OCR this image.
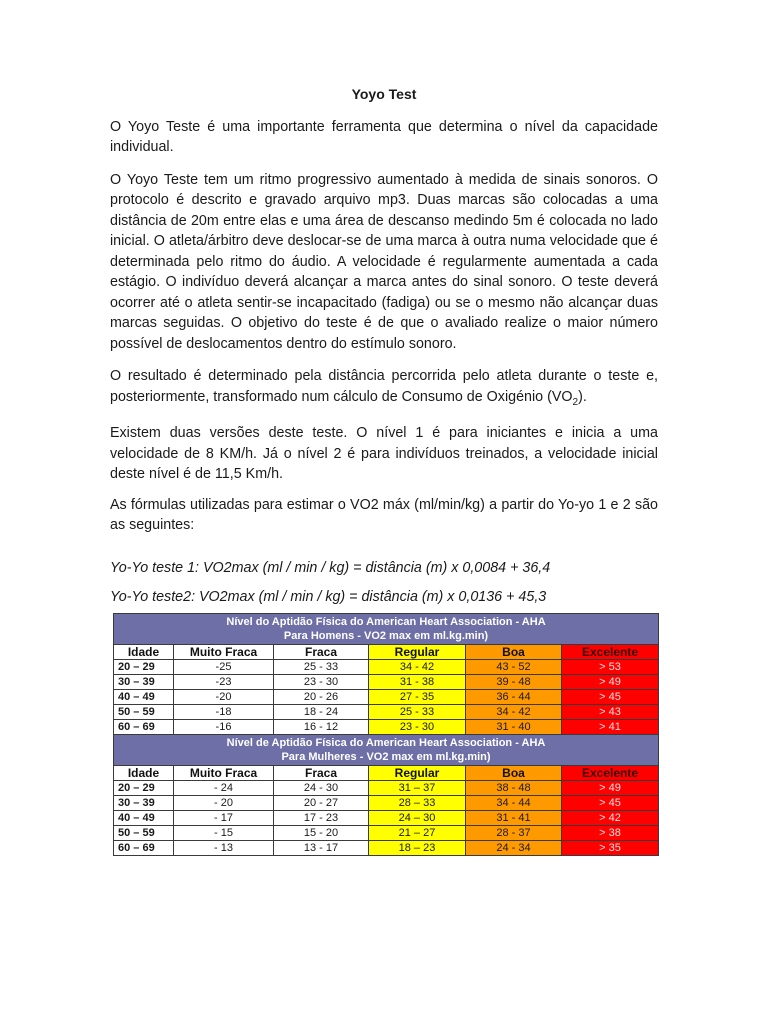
Yoyo Test

O Yoyo Teste é uma importante ferramenta que determina o nível da capacidade individual.

O Yoyo Teste tem um ritmo progressivo aumentado à medida de sinais sonoros. O protocolo é descrito e gravado arquivo mp3. Duas marcas são colocadas a uma distância de 20m entre elas e uma área de descanso medindo 5m é colocada no lado inicial. O atleta/árbitro deve deslocar-se de uma marca à outra numa velocidade que é determinada pelo ritmo do áudio. A velocidade é regularmente aumentada a cada estágio. O indivíduo deverá alcançar a marca antes do sinal sonoro. O teste deverá ocorrer até o atleta sentir-se incapacitado (fadiga) ou se o mesmo não alcançar duas marcas seguidas. O objetivo do teste é de que o avaliado realize o maior número possível de deslocamentos dentro do estímulo sonoro.

O resultado é determinado pela distância percorrida pelo atleta durante o teste e, posteriormente, transformado num cálculo de Consumo de Oxigénio $(VO_2)$.

Existem duas versões deste teste. O nível 1 é para iniciantes e inicia a uma velocidade de 8 KM/h. Já o nível 2 é para indivíduos treinados, a velocidade inicial deste nível é de 11,5 Km/h.

As fórmulas utilizadas para estimar o VO2 máx (ml/min/kg) a partir do Yo-yo 1 e 2 são as seguintes:

Yo-Yo teste 1: VO2max (ml / min / kg) = distância (m) x 0,0084 + 36,4

Yo-Yo teste2: VO2max (ml / min / kg) = distância (m) x 0,0136 + 45,3

Nível do Aptidão Física do American Heart Association - AHA
Para Homens - VO2 max em ml.kg.min)					

Idade	Muito Fraca	Fraca	Regular	Boa	Excelente
20 – 29	-25	25 - 33	34 - 42	43 - 52	> 53
30 – 39	-23	23 - 30	31 - 38	39 - 48	> 49
40 – 49	-20	20 - 26	27 - 35	36 - 44	> 45
50 – 59	-18	18 - 24	25 - 33	34 - 42	> 43
60 – 69	-16	16 - 12	23 - 30	31 - 40	> 41

Nível de Aptidão Física do American Heart Association - AHA
Para Mulheres - VO2 max em ml.kg.min)					

Idade	Muito Fraca	Fraca	Regular	Boa	Excelente
20 – 29	- 24	24 - 30	31 – 37	38 - 48	> 49
30 – 39	- 20	20 - 27	28 – 33	34 - 44	> 45
40 – 49	- 17	17 - 23	24 – 30	31 - 41	> 42
50 – 59	- 15	15 - 20	21 – 27	28 - 37	> 38
60 – 69	- 13	13 - 17	18 – 23	24 - 34	> 35
